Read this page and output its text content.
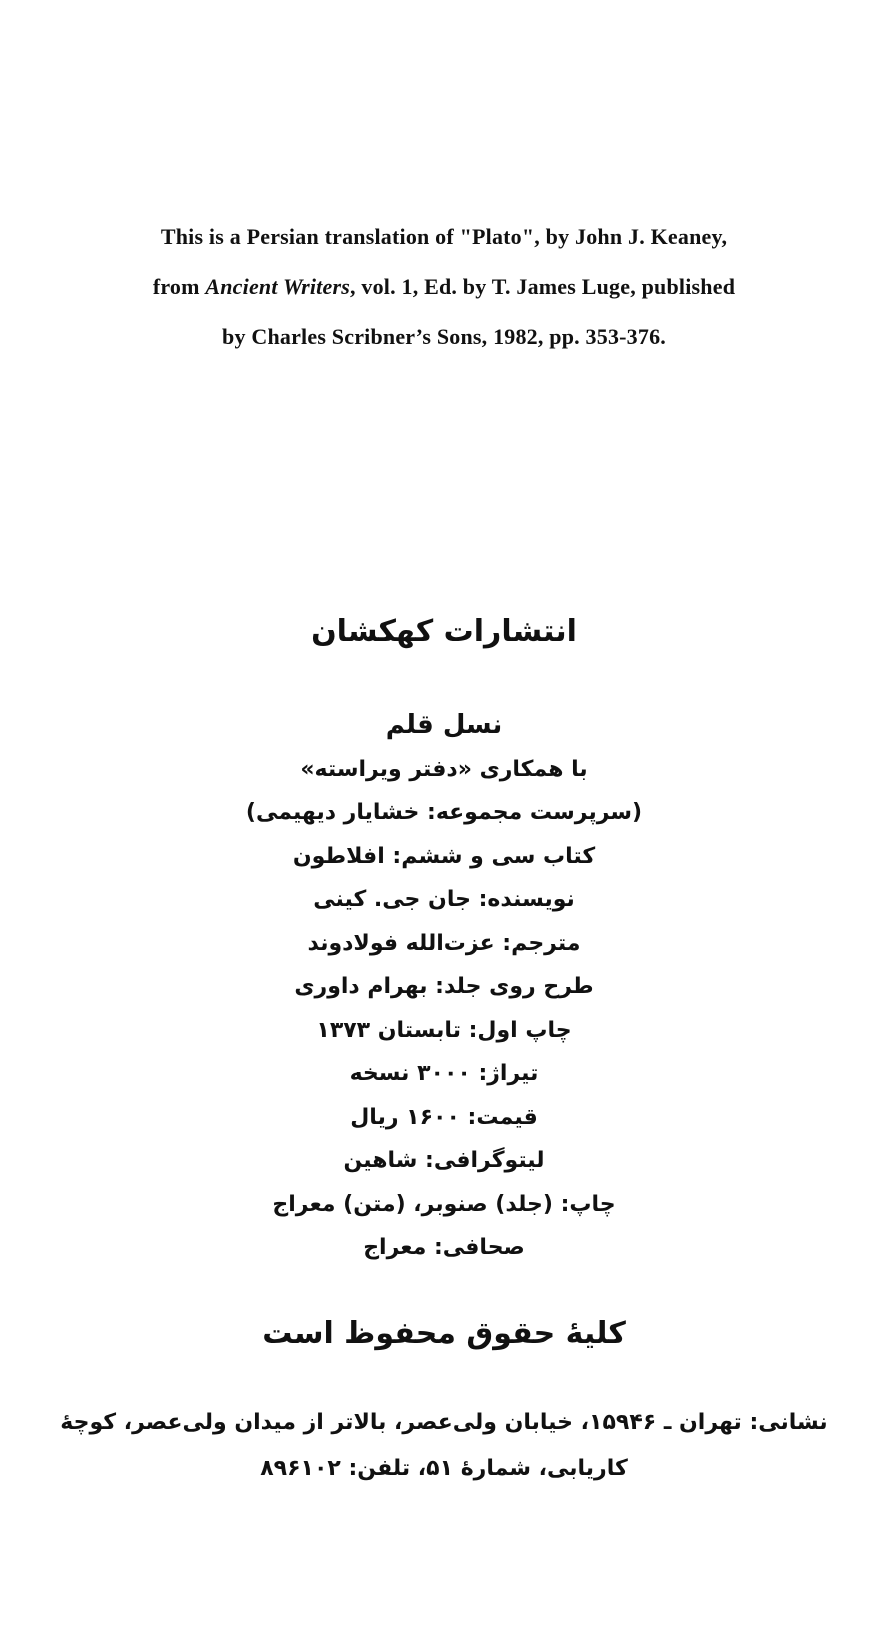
This is a Persian translation of "Plato", by John J. Keaney,
from Ancient Writers, vol. 1, Ed. by T. James Luge, published
by Charles Scribner’s Sons, 1982, pp. 353-376.
انتشارات کهکشان
نسل قلم
با همکاری «دفتر ویراسته»
(سرپرست مجموعه: خشایار دیهیمی)
کتاب سی و ششم: افلاطون
نویسنده: جان جی. کینی
مترجم: عزت‌الله فولادوند
طرح روی جلد: بهرام داوری
چاپ اول: تابستان ۱۳۷۳
تیراژ: ۳۰۰۰ نسخه
قیمت: ۱۶۰۰ ریال
لیتوگرافی: شاهین
چاپ: (جلد) صنوبر، (متن) معراج
صحافی: معراج
کلیهٔ حقوق محفوظ است
نشانی: تهران ـ ۱۵۹۴۶، خیابان ولی‌عصر، بالاتر از میدان ولی‌عصر، کوچهٔ
کاریابی، شمارهٔ ۵۱، تلفن: ۸۹۶۱۰۲
